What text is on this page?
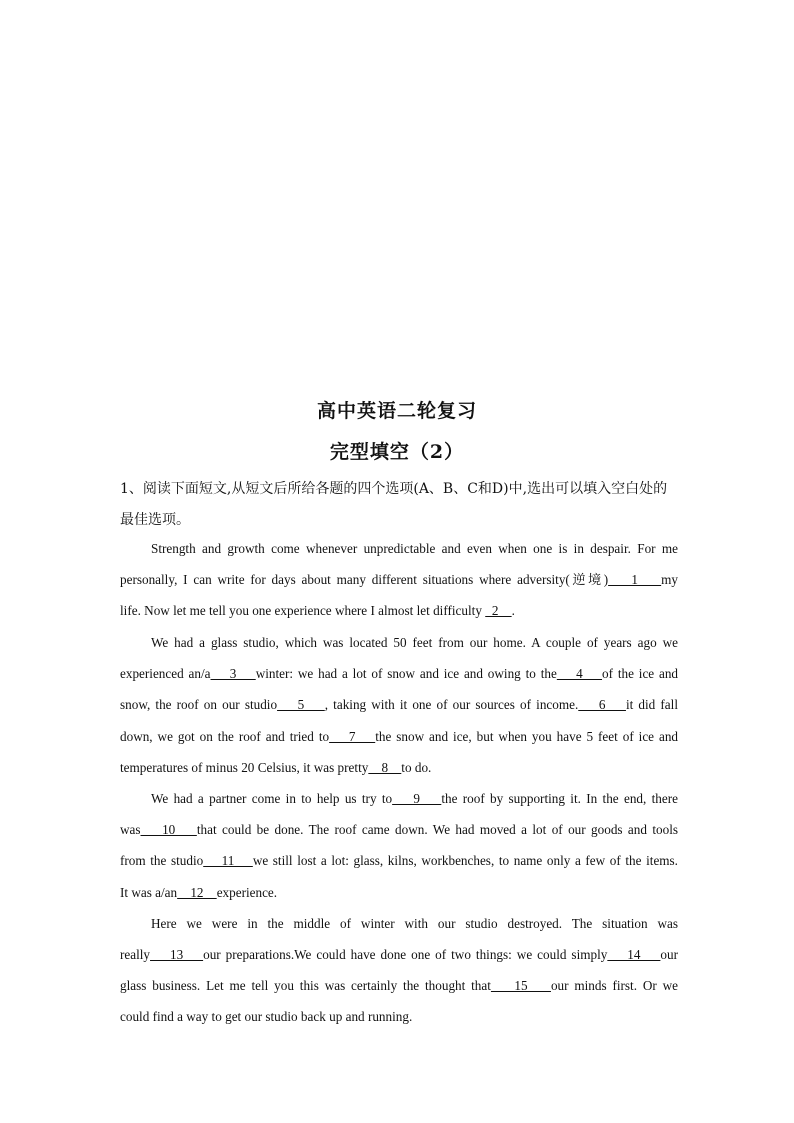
高中英语二轮复习
完型填空（2）
1、阅读下面短文,从短文后所给各题的四个选项(A、B、C和D)中,选出可以填入空白处的最佳选项。
Strength and growth come whenever unpredictable and even when one is in despair. For me
personally, I can write for days about many different situations where adversity(逆境)    1    my
life. Now let me tell you one experience where I almost let difficulty   2    .
We had a glass studio, which was located 50 feet from our home. A couple of years ago we
experienced an/a    3    winter: we had a lot of snow and ice and owing to the    4    of the ice and
snow, the roof on our studio    5    , taking with it one of our sources of income.    6    it did fall
down, we got on the roof and tried to    7    the snow and ice, but when you have 5 feet of ice and
temperatures of minus 20 Celsius, it was pretty    8    to do.
We had a partner come in to help us try to    9    the roof by supporting it. In the end, there
was    10    that could be done. The roof came down. We had moved a lot of our goods and tools
from the studio    11    we still lost a lot: glass, kilns, workbenches, to name only a few of the items.
It was a/an    12    experience.
Here we were in the middle of winter with our studio destroyed. The situation was
really    13    our preparations.We could have done one of two things: we could simply    14    our
glass business. Let me tell you this was certainly the thought that    15    our minds first. Or we
could find a way to get our studio back up and running.
